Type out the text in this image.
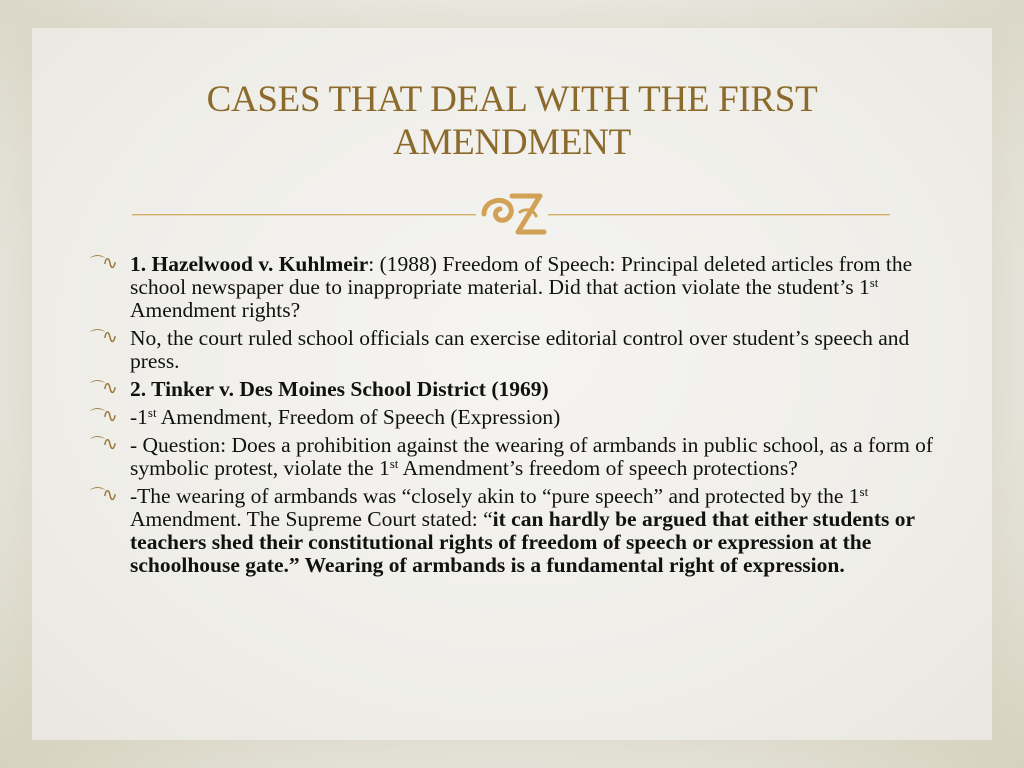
CASES THAT DEAL WITH THE FIRST
AMENDMENT
⌒
∿ 1. Hazelwood v. Kuhlmeir: (1988) Freedom of Speech: Principal deleted articles from the school newspaper due to inappropriate material. Did that action violate the student’s 1st Amendment rights?
⌒
∿ No, the court ruled school officials can exercise editorial control over student’s speech and press.
⌒
∿ 2. Tinker v. Des Moines School District (1969)
⌒
∿ -1st Amendment, Freedom of Speech (Expression)
⌒
∿ - Question: Does a prohibition against the wearing of armbands in public school, as a form of symbolic protest, violate the 1st Amendment’s freedom of speech protections?
⌒
∿ -The wearing of armbands was “closely akin to “pure speech” and protected by the 1st Amendment. The Supreme Court stated: “it can hardly be argued that either students or teachers shed their constitutional rights of freedom of speech or expression at the schoolhouse gate.” Wearing of armbands is a fundamental right of expression.
